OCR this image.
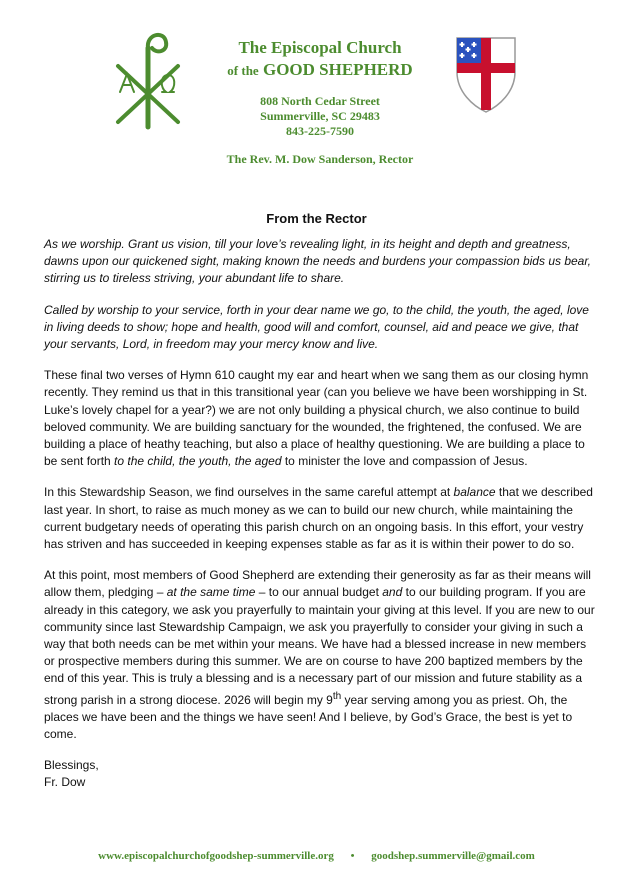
The Episcopal Church
of the GOOD SHEPHERD
808 North Cedar Street
Summerville, SC 29483
843-225-7590
The Rev. M. Dow Sanderson, Rector
From the Rector

As we worship. Grant us vision, till your love’s revealing light, in its height and depth and greatness, dawns upon our quickened sight, making known the needs and burdens your compassion bids us bear, stirring us to tireless striving, your abundant life to share.

Called by worship to your service, forth in your dear name we go, to the child, the youth, the aged, love in living deeds to show; hope and health, good will and comfort, counsel, aid and peace we give, that your servants, Lord, in freedom may your mercy know and live.

These final two verses of Hymn 610 caught my ear and heart when we sang them as our closing hymn recently. They remind us that in this transitional year (can you believe we have been worshipping in St. Luke’s lovely chapel for a year?) we are not only building a physical church, we also continue to build beloved community. We are building sanctuary for the wounded, the frightened, the confused. We are building a place of heathy teaching, but also a place of healthy questioning. We are building a place to be sent forth to the child, the youth, the aged to minister the love and compassion of Jesus.

In this Stewardship Season, we find ourselves in the same careful attempt at balance that we described last year. In short, to raise as much money as we can to build our new church, while maintaining the current budgetary needs of operating this parish church on an ongoing basis. In this effort, your vestry has striven and has succeeded in keeping expenses stable as far as it is within their power to do so.

At this point, most members of Good Shepherd are extending their generosity as far as their means will allow them, pledging – at the same time – to our annual budget and to our building program. If you are already in this category, we ask you prayerfully to maintain your giving at this level. If you are new to our community since last Stewardship Campaign, we ask you prayerfully to consider your giving in such a way that both needs can be met within your means. We have had a blessed increase in new members or prospective members during this summer. We are on course to have 200 baptized members by the end of this year. This is truly a blessing and is a necessary part of our mission and future stability as a strong parish in a strong diocese. 2026 will begin my 9th year serving among you as priest. Oh, the places we have been and the things we have seen! And I believe, by God’s Grace, the best is yet to come.

Blessings,
Fr. Dow
www.episcopalchurchofgoodshep-summerville.org • goodshep.summerville@gmail.com
